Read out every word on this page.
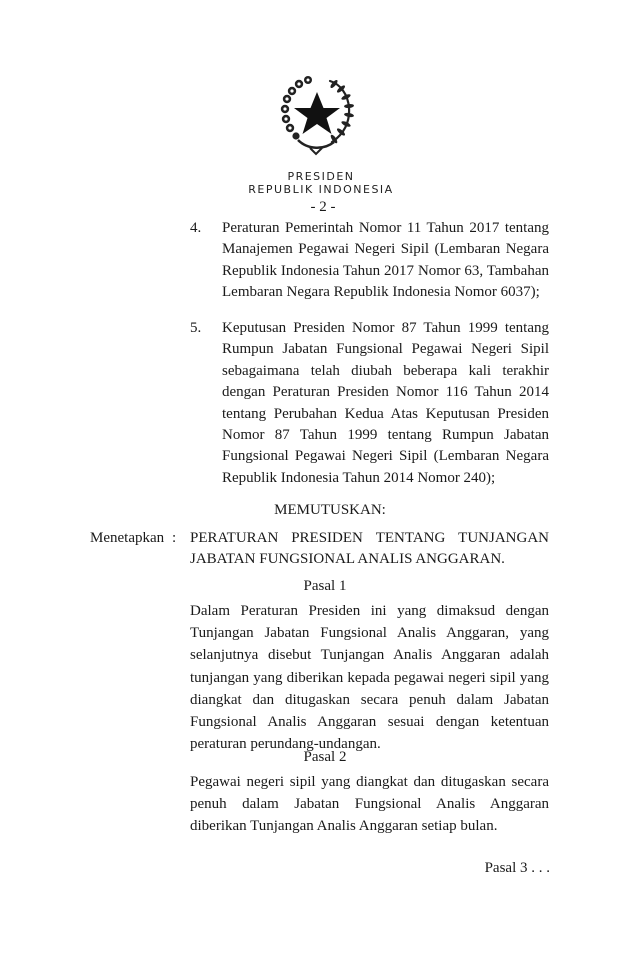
PRESIDEN
REPUBLIK INDONESIA
- 2 -
4. Peraturan Pemerintah Nomor 11 Tahun 2017 tentang Manajemen Pegawai Negeri Sipil (Lembaran Negara Republik Indonesia Tahun 2017 Nomor 63, Tambahan Lembaran Negara Republik Indonesia Nomor 6037);
5. Keputusan Presiden Nomor 87 Tahun 1999 tentang Rumpun Jabatan Fungsional Pegawai Negeri Sipil sebagaimana telah diubah beberapa kali terakhir dengan Peraturan Presiden Nomor 116 Tahun 2014 tentang Perubahan Kedua Atas Keputusan Presiden Nomor 87 Tahun 1999 tentang Rumpun Jabatan Fungsional Pegawai Negeri Sipil (Lembaran Negara Republik Indonesia Tahun 2014 Nomor 240);
MEMUTUSKAN:
Menetapkan : PERATURAN PRESIDEN TENTANG TUNJANGAN
JABATAN FUNGSIONAL ANALIS ANGGARAN.
Pasal 1
Dalam Peraturan Presiden ini yang dimaksud dengan Tunjangan Jabatan Fungsional Analis Anggaran, yang selanjutnya disebut Tunjangan Analis Anggaran adalah tunjangan yang diberikan kepada pegawai negeri sipil yang diangkat dan ditugaskan secara penuh dalam Jabatan Fungsional Analis Anggaran sesuai dengan ketentuan peraturan perundang-undangan.
Pasal 2
Pegawai negeri sipil yang diangkat dan ditugaskan secara penuh dalam Jabatan Fungsional Analis Anggaran diberikan Tunjangan Analis Anggaran setiap bulan.
Pasal 3 . . .
